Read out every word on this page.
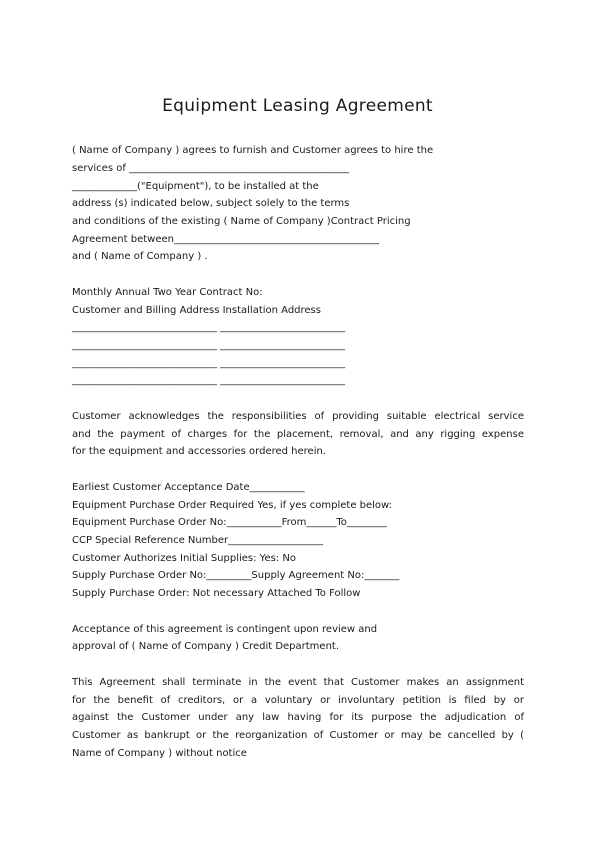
Equipment Leasing Agreement
( Name of Company ) agrees to furnish and Customer agrees to hire the
services of ____________________________________________
_____________("Equipment"), to be installed at the
address (s) indicated below, subject solely to the terms
and conditions of the existing ( Name of Company )Contract Pricing
Agreement between_________________________________________
and ( Name of Company ) .
Monthly Annual Two Year Contract No:
Customer and Billing Address Installation Address
_____________________________ _________________________
_____________________________ _________________________
_____________________________ _________________________
_____________________________ _________________________
Customer acknowledges the responsibilities of providing suitable electrical service
and the payment of charges for the placement, removal, and any rigging expense
for the equipment and accessories ordered herein.
Earliest Customer Acceptance Date___________
Equipment Purchase Order Required Yes, if yes complete below:
Equipment Purchase Order No:___________From______To________
CCP Special Reference Number___________________
Customer Authorizes Initial Supplies: Yes: No
Supply Purchase Order No:_________Supply Agreement No:_______
Supply Purchase Order: Not necessary Attached To Follow
Acceptance of this agreement is contingent upon review and
approval of ( Name of Company ) Credit Department.
This Agreement shall terminate in the event that Customer makes an assignment
for the benefit of creditors, or a voluntary or involuntary petition is filed by or
against the Customer under any law having for its purpose the adjudication of
Customer as bankrupt or the reorganization of Customer or may be cancelled by (
Name of Company ) without notice
